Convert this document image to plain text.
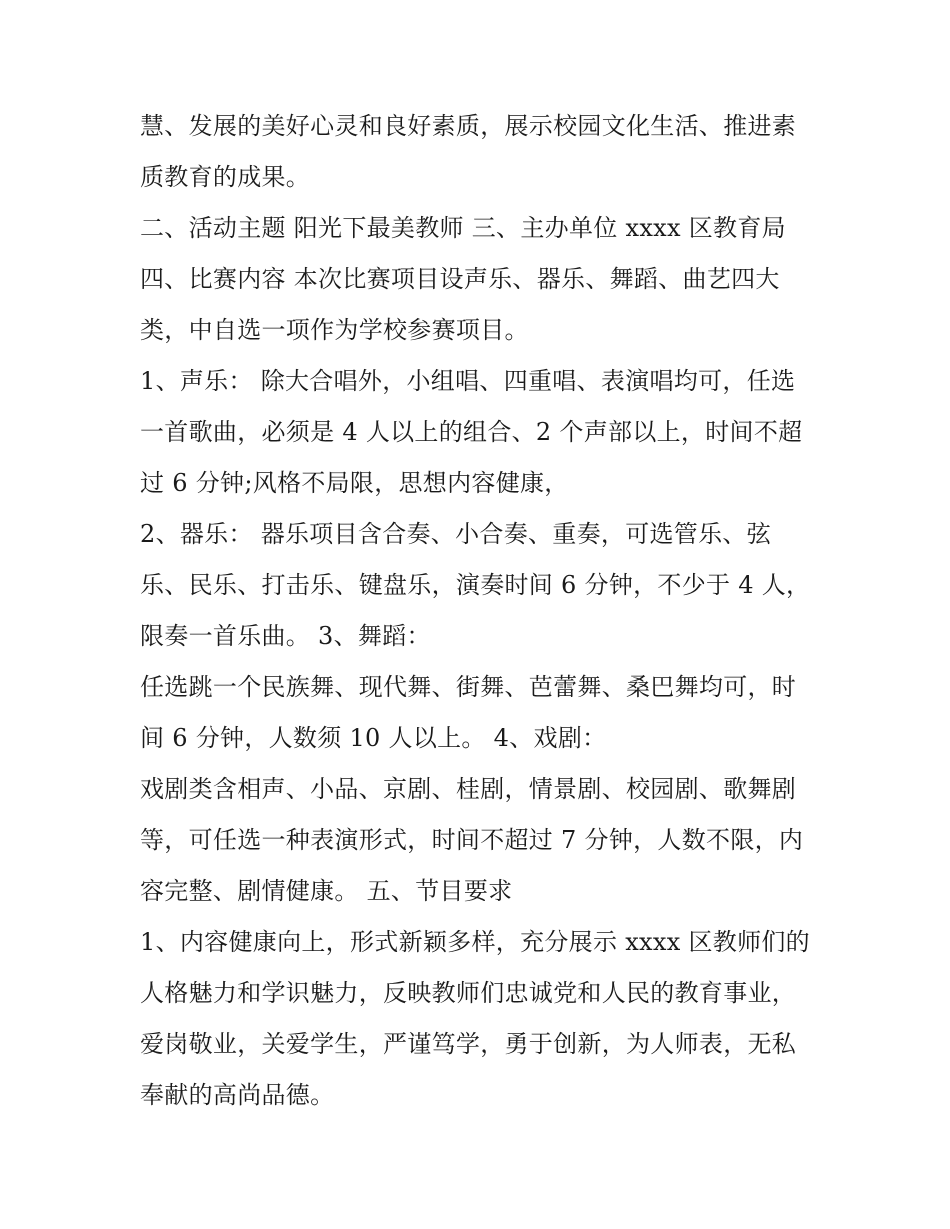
慧、发展的美好心灵和良好素质，展示校园文化生活、推进素
质教育的成果。
二、活动主题 阳光下最美教师 三、主办单位 xxxx 区教育局
四、比赛内容 本次比赛项目设声乐、器乐、舞蹈、曲艺四大
类，中自选一项作为学校参赛项目。
1、声乐： 除大合唱外，小组唱、四重唱、表演唱均可，任选
一首歌曲，必须是 4 人以上的组合、2 个声部以上，时间不超
过 6 分钟;风格不局限，思想内容健康，
2、器乐： 器乐项目含合奏、小合奏、重奏，可选管乐、弦
乐、民乐、打击乐、键盘乐，演奏时间 6 分钟，不少于 4 人，
限奏一首乐曲。 3、舞蹈：
任选跳一个民族舞、现代舞、街舞、芭蕾舞、桑巴舞均可，时
间 6 分钟，人数须 10 人以上。 4、戏剧：
戏剧类含相声、小品、京剧、桂剧，情景剧、校园剧、歌舞剧
等，可任选一种表演形式，时间不超过 7 分钟，人数不限，内
容完整、剧情健康。 五、节目要求
1、内容健康向上，形式新颖多样，充分展示 xxxx 区教师们的
人格魅力和学识魅力，反映教师们忠诚党和人民的教育事业，
爱岗敬业，关爱学生，严谨笃学，勇于创新，为人师表，无私
奉献的高尚品德。
